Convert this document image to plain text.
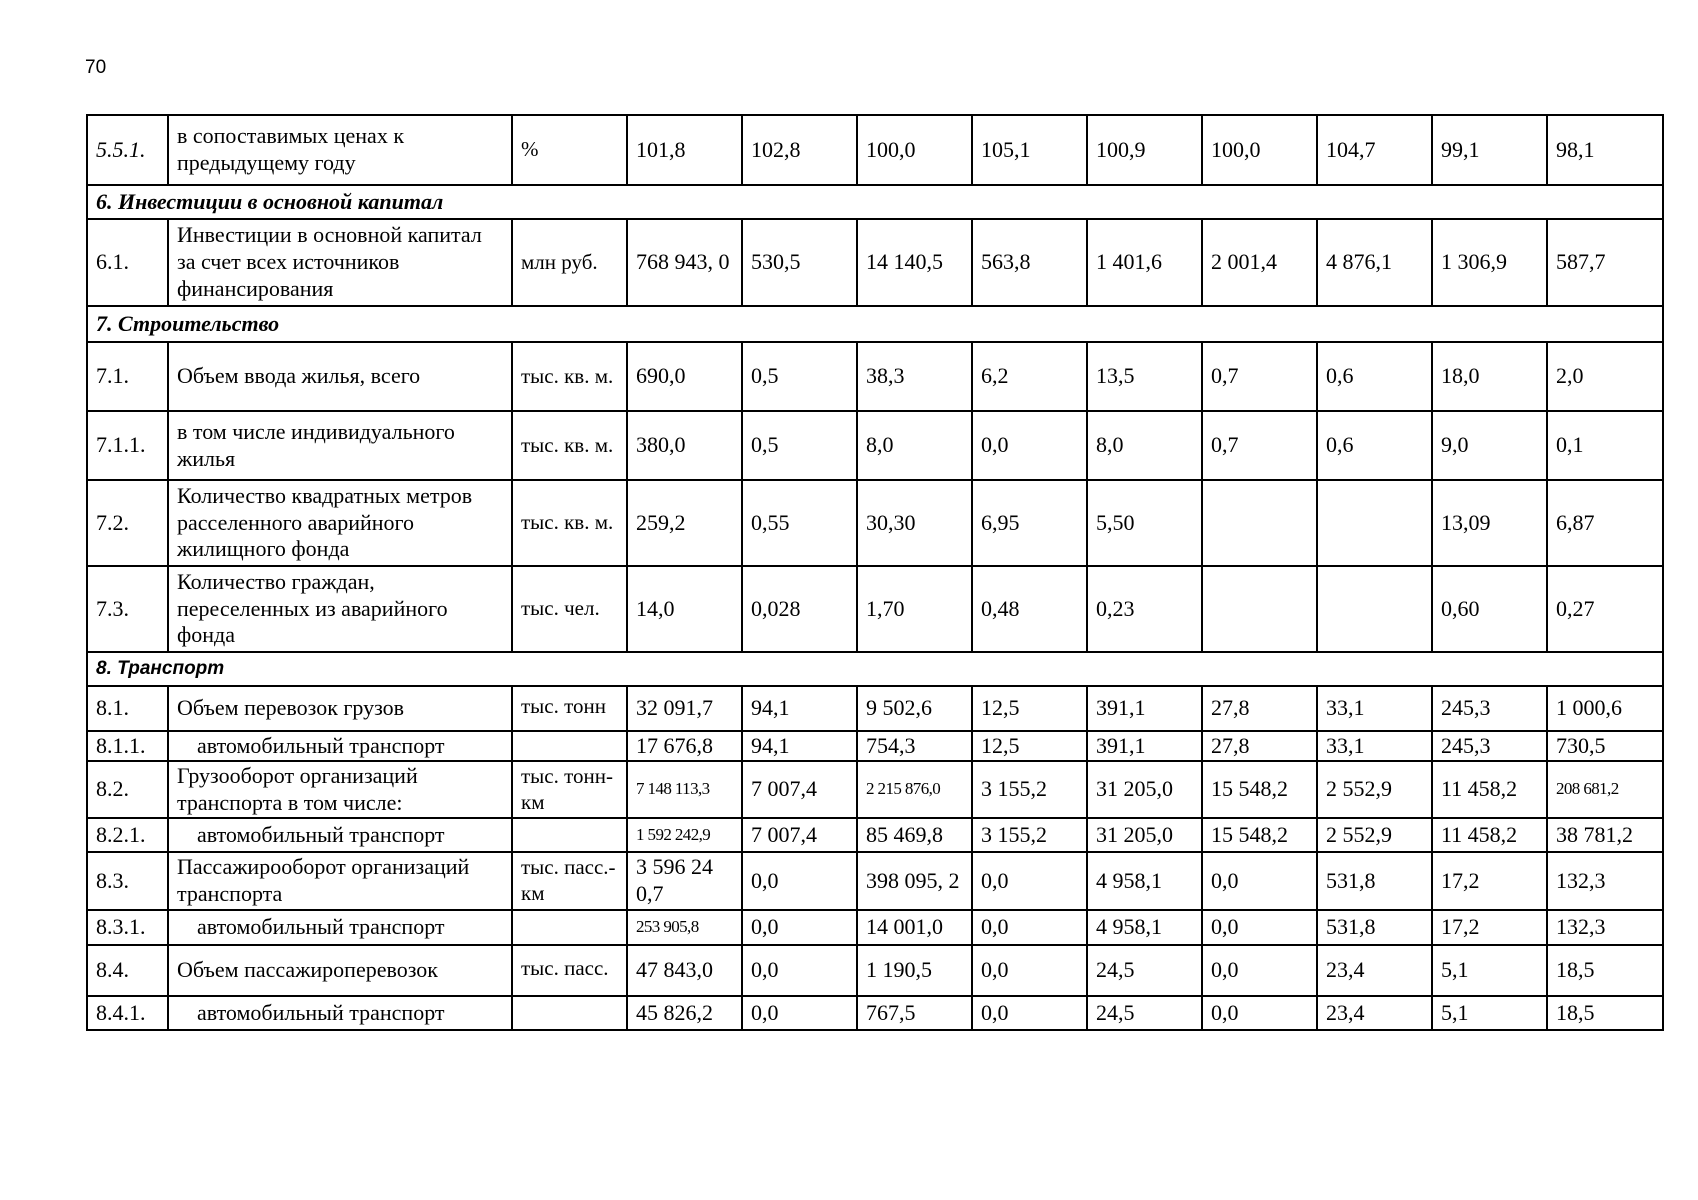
70
5.5.1.	в сопоставимых ценах к предыдущему году	%	101,8	102,8	100,0	105,1	100,9	100,0	104,7	99,1	98,1
6. Инвестиции в основной капитал											
6.1.	Инвестиции в основной капитал за счет всех источников финансирования	млн руб.	768 943, 0	530,5	14 140,5	563,8	1 401,6	2 001,4	4 876,1	1 306,9	587,7
7. Строительство											
7.1.	Объем ввода жилья, всего	тыс. кв. м.	690,0	0,5	38,3	6,2	13,5	0,7	0,6	18,0	2,0
7.1.1.	в том числе индивидуального жилья	тыс. кв. м.	380,0	0,5	8,0	0,0	8,0	0,7	0,6	9,0	0,1
7.2.	Количество квадратных метров расселенного аварийного жилищного фонда	тыс. кв. м.	259,2	0,55	30,30	6,95	5,50			13,09	6,87
7.3.	Количество граждан, переселенных из аварийного фонда	тыс. чел.	14,0	0,028	1,70	0,48	0,23			0,60	0,27
8. Транспорт											
8.1.	Объем перевозок грузов	тыс. тонн	32 091,7	94,1	9 502,6	12,5	391,1	27,8	33,1	245,3	1 000,6
8.1.1.	автомобильный транспорт		17 676,8	94,1	754,3	12,5	391,1	27,8	33,1	245,3	730,5
8.2.	Грузооборот организаций транспорта в том числе:	тыс. тонн-км	7 148 113,3	7 007,4	2 215 876,0	3 155,2	31 205,0	15 548,2	2 552,9	11 458,2	208 681,2
8.2.1.	автомобильный транспорт		1 592 242,9	7 007,4	85 469,8	3 155,2	31 205,0	15 548,2	2 552,9	11 458,2	38 781,2
8.3.	Пассажирооборот организаций транспорта	тыс. пасс.-км	3 596 24 0,7	0,0	398 095, 2	0,0	4 958,1	0,0	531,8	17,2	132,3
8.3.1.	автомобильный транспорт		253 905,8	0,0	14 001,0	0,0	4 958,1	0,0	531,8	17,2	132,3
8.4.	Объем пассажироперевозок	тыс. пасс.	47 843,0	0,0	1 190,5	0,0	24,5	0,0	23,4	5,1	18,5
8.4.1.	автомобильный транспорт		45 826,2	0,0	767,5	0,0	24,5	0,0	23,4	5,1	18,5
